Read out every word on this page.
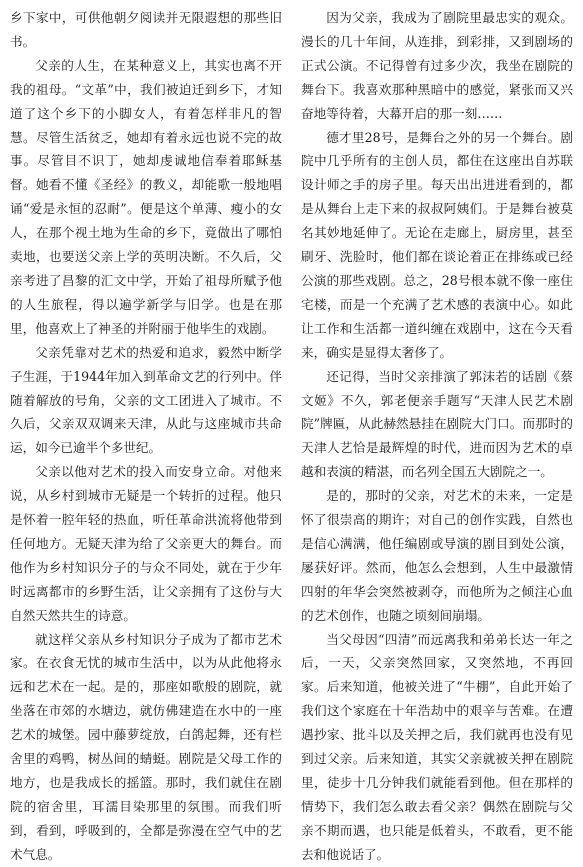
乡下家中，可供他朝夕阅读并无限遐想的那些旧书。

父亲的人生，在某种意义上，其实也离不开我的祖母。“文革”中，我们被迫迁到乡下，才知道了这个乡下的小脚女人，有着怎样非凡的智慧。尽管生活贫乏，她却有着永远也说不完的故事。尽管目不识丁，她却虔诚地信奉着耶稣基督。她看不懂《圣经》的教义，却能歌一般地唱诵“爱是永恒的忍耐”。便是这个单薄、瘦小的女人，在那个视土地为生命的乡下，竟做出了哪怕卖地，也要送父亲上学的英明决断。不久后，父亲考进了昌黎的汇文中学，开始了祖母所赋予他的人生旅程，得以遍学新学与旧学。也是在那里，他喜欢上了神圣的并附丽于他毕生的戏剧。

父亲凭靠对艺术的热爱和追求，毅然中断学子生涯，于1944年加入到革命文艺的行列中。伴随着解放的号角，父亲的文工团进入了城市。不久后，父亲双双调来天津，从此与这座城市共命运，如今已逾半个多世纪。

父亲以他对艺术的投入而安身立命。对他来说，从乡村到城市无疑是一个转折的过程。他只是怀着一腔年轻的热血，听任革命洪流将他带到任何地方。无疑天津为给了父亲更大的舞台。而他作为乡村知识分子的与众不同处，就在于少年时远离都市的乡野生活，让父亲拥有了这份与大自然天然共生的诗意。

就这样父亲从乡村知识分子成为了都市艺术家。在衣食无忧的城市生活中，以为从此他将永远和艺术在一起。是的，那座如歌般的剧院，就坐落在市郊的水塘边，就仿佛建造在水中的一座艺术的城堡。园中藤萝绽放，白鸽起舞，还有栏舍里的鸡鸭，树丛间的蜻蜓。剧院是父母工作的地方，也是我成长的摇篮。那时，我们就住在剧院的宿舍里，耳濡目染那里的氛围。而我们听到，看到，呼吸到的，全都是弥漫在空气中的艺术气息。

因为父亲，我成为了剧院里最忠实的观众。漫长的几十年间，从连排，到彩排，又到剧场的正式公演。不记得曾有过多少次，我坐在剧院的舞台下。我喜欢那种黑暗中的感觉，紧张而又兴奋地等待着，大幕开启的那一刻……

德才里28号，是舞台之外的另一个舞台。剧院中几乎所有的主创人员，都住在这座出自苏联设计师之手的房子里。每天出出进进看到的，都是从舞台上走下来的叔叔阿姨们。于是舞台被莫名其妙地延伸了。无论在走廊上，厨房里，甚至刷牙、洗脸时，他们都在谈论着正在排练或已经公演的那些戏剧。总之，28号根本就不像一座住宅楼，而是一个充满了艺术感的表演中心。如此让工作和生活都一道纠缠在戏剧中，这在今天看来，确实是显得太奢侈了。

还记得，当时父亲排演了郭沫若的话剧《蔡文姬》不久，郭老便亲手题写“天津人民艺术剧院”牌匾，从此赫然悬挂在剧院大门口。而那时的天津人艺恰是最辉煌的时代，进而因为艺术的卓越和表演的精湛，而名列全国五大剧院之一。

是的，那时的父亲，对艺术的未来，一定是怀了很崇高的期许；对自己的创作实践，自然也是信心满满，他任编剧或导演的剧目到处公演，屡获好评。然而，他怎么会想到，人生中最激情四射的年华会突然被剥夺，而他所为之倾注心血的艺术创作，也随之顷刻间崩塌。

当父母因“四清”而远离我和弟弟长达一年之后，一天，父亲突然回家，又突然地，不再回家。后来知道，他被关进了“牛棚”，自此开始了我们这个家庭在十年浩劫中的艰辛与苦难。在遭遇抄家、批斗以及关押之后，我们就再也没有见到过父亲。后来知道，其实父亲就被关押在剧院里，徒步十几分钟我们就能看到他。但在那样的情势下，我们怎么敢去看父亲？偶然在剧院与父亲不期而遇，也只能是低着头，不敢看，更不能去和他说话了。
